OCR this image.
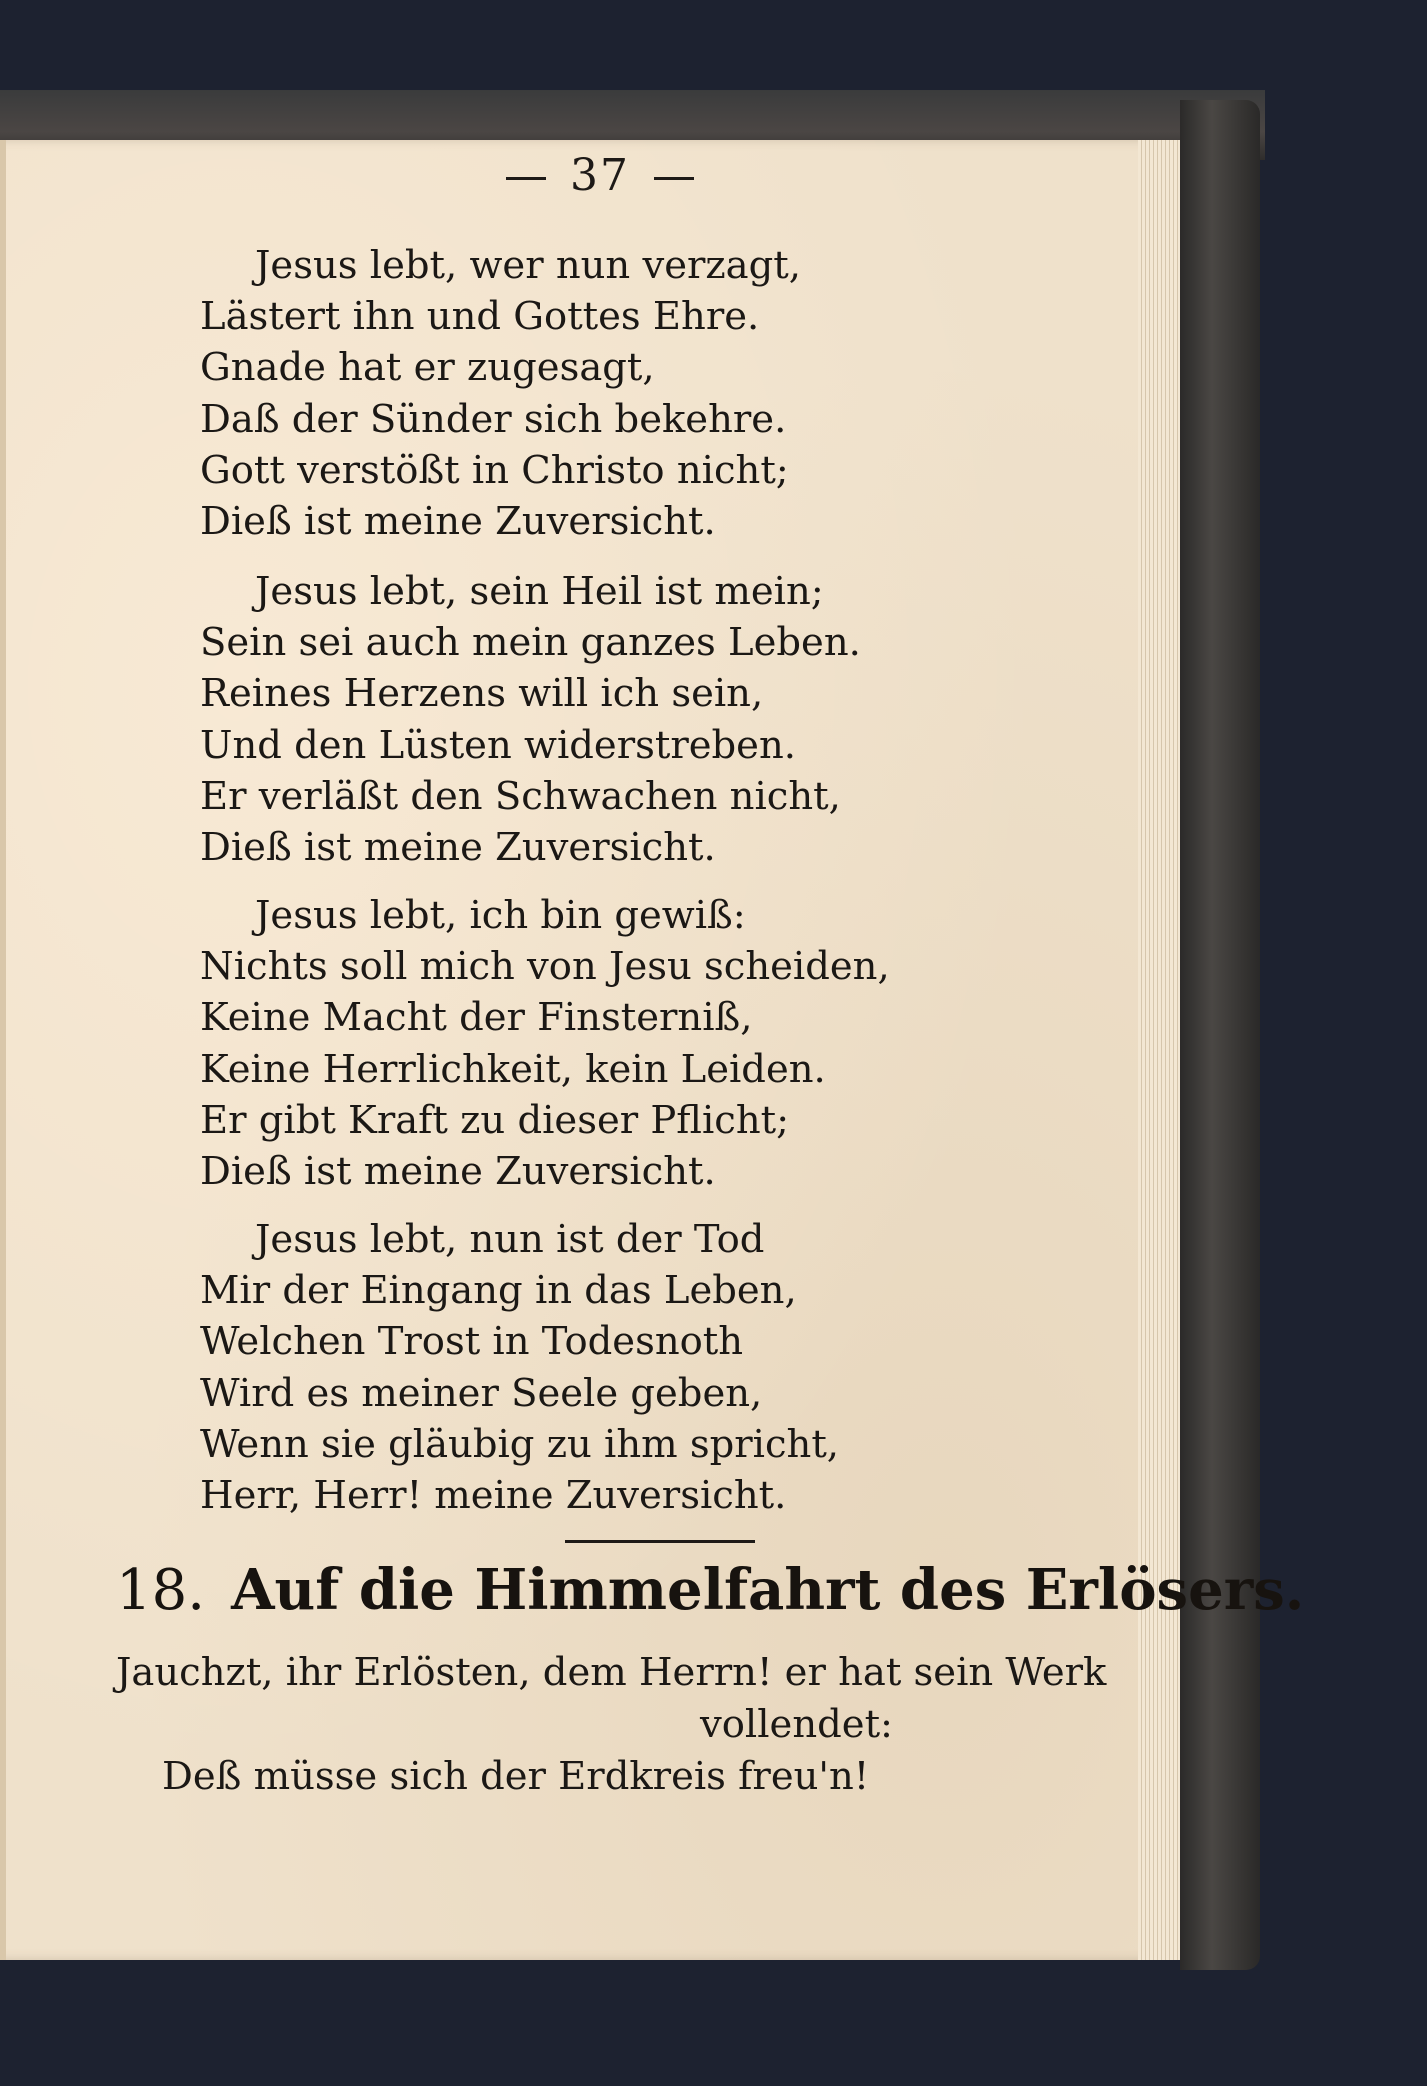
37
Jesus lebt, wer nun verzagt,
Lästert ihn und Gottes Ehre.
Gnade hat er zugesagt,
Daß der Sünder sich bekehre.
Gott verstößt in Christo nicht;
Dieß ist meine Zuversicht.
Jesus lebt, sein Heil ist mein;
Sein sei auch mein ganzes Leben.
Reines Herzens will ich sein,
Und den Lüsten widerstreben.
Er verläßt den Schwachen nicht,
Dieß ist meine Zuversicht.
Jesus lebt, ich bin gewiß:
Nichts soll mich von Jesu scheiden,
Keine Macht der Finsterniß,
Keine Herrlichkeit, kein Leiden.
Er gibt Kraft zu dieser Pflicht;
Dieß ist meine Zuversicht.
Jesus lebt, nun ist der Tod
Mir der Eingang in das Leben,
Welchen Trost in Todesnoth
Wird es meiner Seele geben,
Wenn sie gläubig zu ihm spricht,
Herr, Herr! meine Zuversicht.
18. Auf die Himmelfahrt des Erlösers.
Jauchzt, ihr Erlösten, dem Herrn! er hat sein Werk
vollendet:
Deß müsse sich der Erdkreis freu'n!
